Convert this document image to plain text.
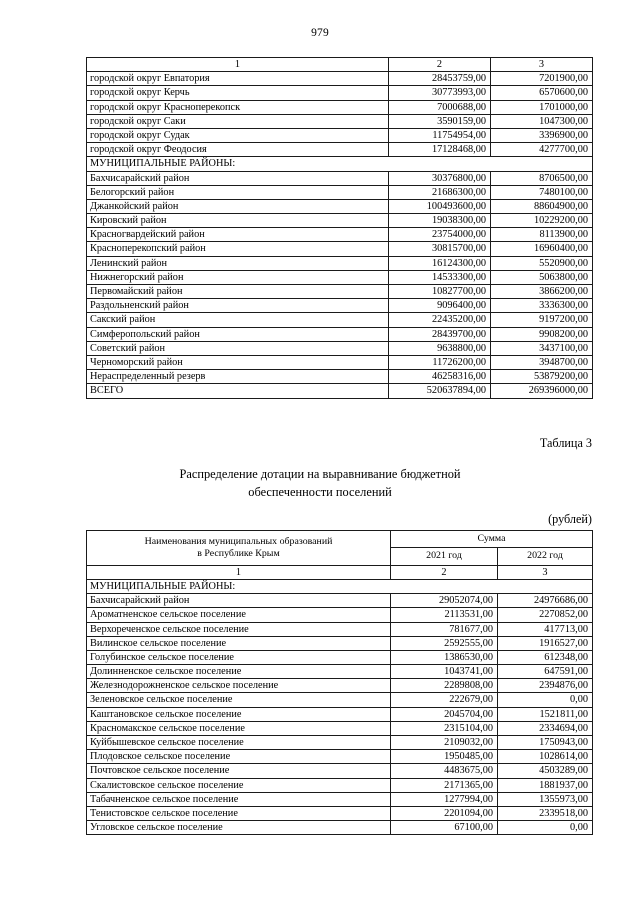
979
1	2	3
городской округ Евпатория	28453759,00	7201900,00
городской округ Керчь	30773993,00	6570600,00
городской округ Красноперекопск	7000688,00	1701000,00
городской округ Саки	3590159,00	1047300,00
городской округ Судак	11754954,00	3396900,00
городской округ Феодосия	17128468,00	4277700,00
МУНИЦИПАЛЬНЫЕ РАЙОНЫ:		
Бахчисарайский район	30376800,00	8706500,00
Белогорский район	21686300,00	7480100,00
Джанкойский район	100493600,00	88604900,00
Кировский район	19038300,00	10229200,00
Красногвардейский район	23754000,00	8113900,00
Красноперекопский район	30815700,00	16960400,00
Ленинский район	16124300,00	5520900,00
Нижнегорский район	14533300,00	5063800,00
Первомайский район	10827700,00	3866200,00
Раздольненский район	9096400,00	3336300,00
Сакский район	22435200,00	9197200,00
Симферопольский район	28439700,00	9908200,00
Советский район	9638800,00	3437100,00
Черноморский район	11726200,00	3948700,00
Нераспределенный резерв	46258316,00	53879200,00
ВСЕГО	520637894,00	269396000,00
Таблица 3
Распределение дотации на выравнивание бюджетной
обеспеченности поселений
(рублей)
Наименования муниципальных образований
в Республике Крым	Сумма	
	2021 год	2022 год
1	2	3
МУНИЦИПАЛЬНЫЕ РАЙОНЫ:		
Бахчисарайский район	29052074,00	24976686,00
Ароматненское сельское поселение	2113531,00	2270852,00
Верхореченское сельское поселение	781677,00	417713,00
Вилинское сельское поселение	2592555,00	1916527,00
Голубинское сельское поселение	1386530,00	612348,00
Долинненское сельское поселение	1043741,00	647591,00
Железнодорожненское сельское поселение	2289808,00	2394876,00
Зеленовское сельское поселение	222679,00	0,00
Каштановское сельское поселение	2045704,00	1521811,00
Красномакское сельское поселение	2315104,00	2334694,00
Куйбышевское сельское поселение	2109032,00	1750943,00
Плодовское сельское поселение	1950485,00	1028614,00
Почтовское сельское поселение	4483675,00	4503289,00
Скалистовское сельское поселение	2171365,00	1881937,00
Табачненское сельское поселение	1277994,00	1355973,00
Тенистовское сельское поселение	2201094,00	2339518,00
Угловское сельское поселение	67100,00	0,00
